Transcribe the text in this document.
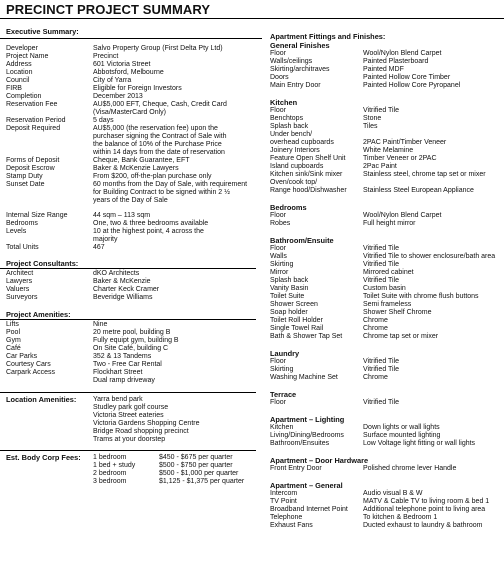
PRECINCT PROJECT SUMMARY
Executive Summary:
Developer	Salvo Property Group (First Delta Pty Ltd)
Project Name	Precinct
Address	601 Victoria Street
Location	Abbotsford, Melbourne
Council	City of Yarra
FIRB	Eligible for Foreign Investors
Completion	December 2013
Reservation Fee	AU$5,000 EFT, Cheque, Cash, Credit Card
(Visa/MasterCard Only)
Reservation Period	5 days
Deposit Required	AU$5,000 (the reservation fee) upon the
purchaser signing the Contract of Sale with
the balance of 10% of the Purchase Price
within 14 days from the date of reservation
Forms of Deposit	Cheque, Bank Guarantee, EFT
Deposit Escrow	Baker & McKenzie Lawyers
Stamp Duty	From $200, off-the-plan purchase only
Sunset Date	60 months from the Day of Sale, with requirement
for Building Contract to be signed within 2 ½
years of the Day of Sale
Internal Size Range	44 sqm – 113 sqm
Bedrooms	One, two & three bedrooms available
Levels	10 at the highest point, 4 across the
majority
Total Units	467
Project Consultants:
Architect	dKO Architects
Lawyers	Baker & McKenzie
Valuers	Charter Keck Cramer
Surveyors	Beveridge Williams
Project Amenities:
Lifts	Nine
Pool	20 metre pool, building B
Gym	Fully equipt gym, building B
Café	On Site Café, building C
Car Parks	352 & 13 Tandems
Courtesy Cars	Two - Free Car Rental
Carpark Access	Flockhart Street
Dual ramp driveway
Location Amenities:	Yarra bend park
Studley park golf course
Victoria Street eateries
Victoria Gardens Shopping Centre
Bridge Road shopping precinct
Trams at your doorstep
Est. Body Corp Fees:	1 bedroom	$450 - $675 per quarter
1 bed + study	$500 - $750 per quarter
2 bedroom	$500 - $1,000 per quarter
3 bedroom	$1,125 - $1,375 per quarter
Apartment Fittings and Finishes:
General Finishes
Floor	Wool/Nylon Blend Carpet
Walls/ceilings	Painted Plasterboard
Skirting/architraves	Painted MDF
Doors	Painted Hollow Core Timber
Main Entry Door	Painted Hollow Core Pyropanel
Kitchen
Floor	Vitrified Tile
Benchtops	Stone
Splash back	Tiles
Under bench/
overhead cupboards	2PAC Paint/Timber Veneer
Joinery Interiors	White Melamine
Feature Open Shelf Unit	Timber Veneer or 2PAC
Island cupboards	2Pac Paint
Kitchen sink/Sink mixer	Stainless steel, chrome tap set or mixer
Oven/cook top/
Range hood/Dishwasher	Stainless Steel European Appliance
Bedrooms
Floor	Wool/Nylon Blend Carpet
Robes	Full height mirror
Bathroom/Ensuite
Floor	Vitrified Tile
Walls	Vitrified Tile to shower enclosure/bath area
Skirting	Vitrified Tile
Mirror	Mirrored cabinet
Splash back	Vitrified Tile
Vanity Basin	Custom basin
Toilet Suite	Toilet Suite with chrome flush buttons
Shower Screen	Semi frameless
Soap holder	Shower Shelf Chrome
Toilet Roll Holder	Chrome
Single Towel Rail	Chrome
Bath & Shower Tap Set	Chrome tap set or mixer
Laundry
Floor	Vitrified Tile
Skirting	Vitrified Tile
Washing Machine Set	Chrome
Terrace
Floor	Vitrified Tile
Apartment – Lighting
Kitchen	Down lights or wall lights
Living/Dining/Bedrooms	Surface mounted lighting
Bathroom/Ensuites	Low Voltage light fitting or wall lights
Apartment – Door Hardware
Front Entry Door	Polished chrome lever Handle
Apartment – General
Intercom	Audio visual B & W
TV Point	MATV & Cable TV to living room & bed 1
Broadband Internet Point	Additional telephone point to living area
Telephone	To kitchen & Bedroom 1
Exhaust Fans	Ducted exhaust to laundry & bathroom
